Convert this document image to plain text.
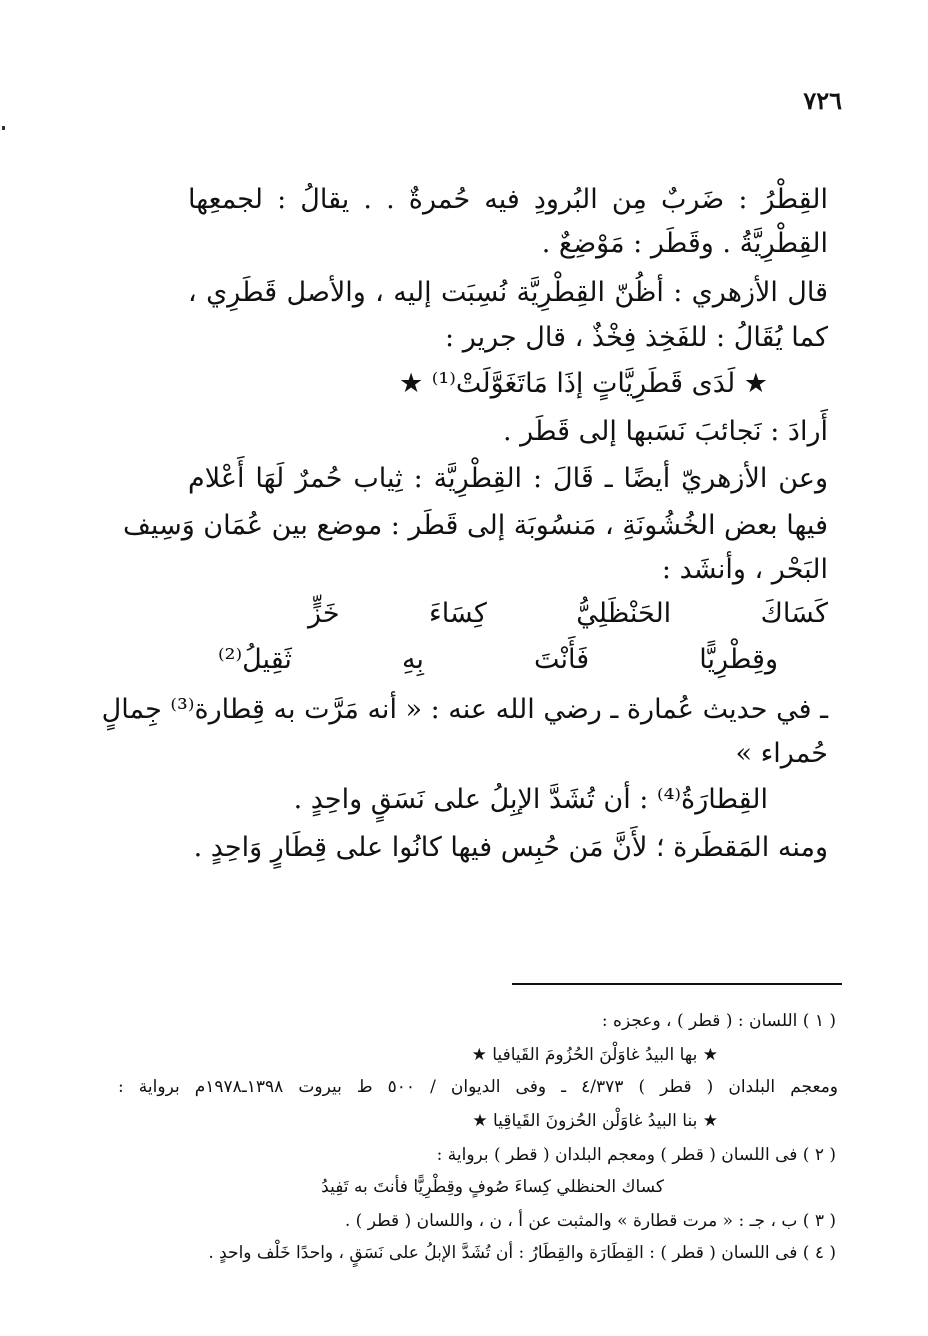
٧٢٦
القِطْرُ : ضَربٌ مِن البُرودِ فيه حُمرةٌ . . يقالُ : لجمعِها
القِطْرِيَّةُ . وقَطَر : مَوْضِعٌ .
قال الأزهري : أظُنّ القِطْرِيَّة نُسِبَت إليه ، والأصل قَطَرِي ،
كما يُقَالُ : للفَخِذ فِخْذٌ ، قال جرير :
★ لَدَى قَطَرِيَّاتٍ إذَا مَاتَغَوَّلَتْ⁽¹⁾ ★
أَرادَ : نَجائبَ نَسَبها إلى قَطَر .
وعن الأزهريّ أيضًا ـ قَالَ : القِطْرِيَّة : ثِياب حُمرٌ لَهَا أَعْلام
فيها بعض الخُشُونَةِ ، مَنسُوبَة إلى قَطَر : موضع بين عُمَان وَسِيف
البَحْر ، وأنشَد :
كَسَاكَ الحَنْظَلِيُّ كِسَاءَ خَزٍّ
وقِطْرِيًّا فَأَنْتَ بِهِ ثَقِيلُ⁽²⁾
ـ في حديث عُمارة ـ رضي الله عنه : « أنه مَرَّت به قِطارة⁽³⁾ جِمالٍ
حُمراء »
القِطارَةُ⁽⁴⁾ : أن تُشَدَّ الإبِلُ على نَسَقٍ واحِدٍ .
ومنه المَقطَرة ؛ لأَنَّ مَن حُبِس فيها كانُوا على قِطَارٍ وَاحِدٍ .
( ١ ) اللسان : ( قطر ) ، وعجزه :
★ بها البيدُ غاوَلْنَ الحُزُومَ القَيافيا ★
ومعجم البلدان ( قطر ) ٤/٣٧٣ ـ وفى الديوان / ٥٠٠ ط بيروت ١٣٩٨ـ١٩٧٨م برواية :
★ بنا البيدُ غاوَلْن الحُزونَ القَياقِيا ★
( ٢ ) فى اللسان ( قطر ) ومعجم البلدان ( قطر ) برواية :
كساك الحنظلي كِساءَ صُوفٍ وقِطْرِيًّا فأنتَ به تَفِيدُ
( ٣ ) ب ، جـ : « مرت قطارة » والمثبت عن أ ، ن ، واللسان ( قطر ) .
( ٤ ) فى اللسان ( قطر ) : القِطَارَة والقِطَارُ : أن تُشَدَّ الإبلُ على نَسَقٍ ، واحدًا خَلْف واحدٍ .
